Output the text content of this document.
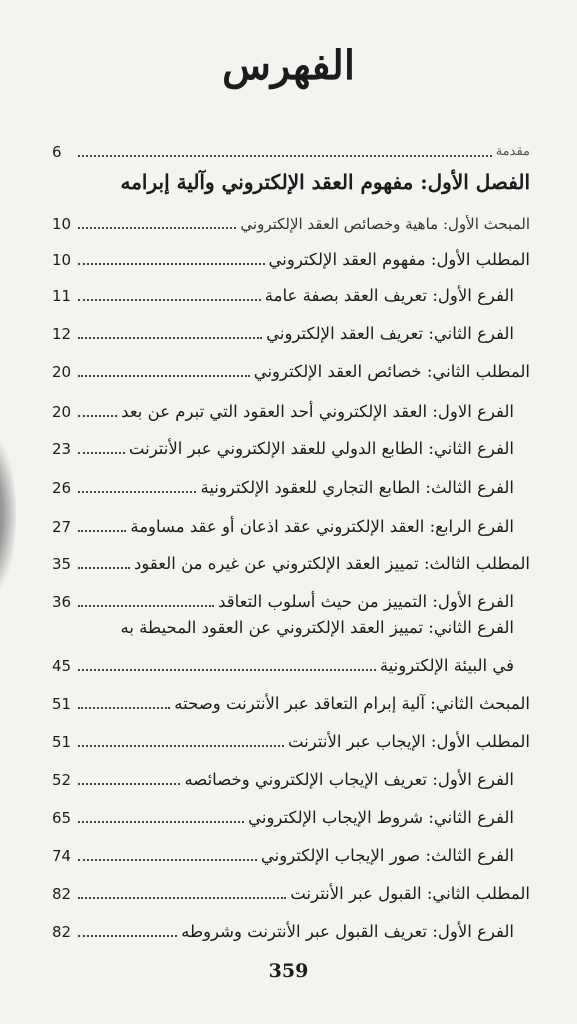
الفهرس
مقدمة
6
الفصل الأول: مفهوم العقد الإلكتروني وآلية إبرامه
المبحث الأول: ماهية وخصائص العقد الإلكتروني
10
المطلب الأول: مفهوم العقد الإلكتروني
10
الفرع الأول: تعريف العقد بصفة عامة
11
الفرع الثاني: تعريف العقد الإلكتروني
12
المطلب الثاني: خصائص العقد الإلكتروني
20
الفرع الاول: العقد الإلكتروني أحد العقود التي تبرم عن بعد
20
الفرع الثاني: الطابع الدولي للعقد الإلكتروني عبر الأنترنت
23
الفرع الثالث: الطابع التجاري للعقود الإلكترونية
26
الفرع الرابع: العقد الإلكتروني عقد اذعان أو عقد مساومة
27
المطلب الثالث: تمييز العقد الإلكتروني عن غيره من العقود
35
الفرع الأول: التمييز من حيث أسلوب التعاقد
36
الفرع الثاني: تمييز العقد الإلكتروني عن العقود المحيطة به
في البيئة الإلكترونية
45
المبحث الثاني: آلية إبرام التعاقد عبر الأنترنت وصحته
51
المطلب الأول: الإيجاب عبر الأنترنت
51
الفرع الأول: تعريف الإيجاب الإلكتروني وخصائصه
52
الفرع الثاني: شروط الإيجاب الإلكتروني
65
الفرع الثالث: صور الإيجاب الإلكتروني
74
المطلب الثاني: القبول عبر الأنترنت
82
الفرع الأول: تعريف القبول عبر الأنترنت وشروطه
82
359
